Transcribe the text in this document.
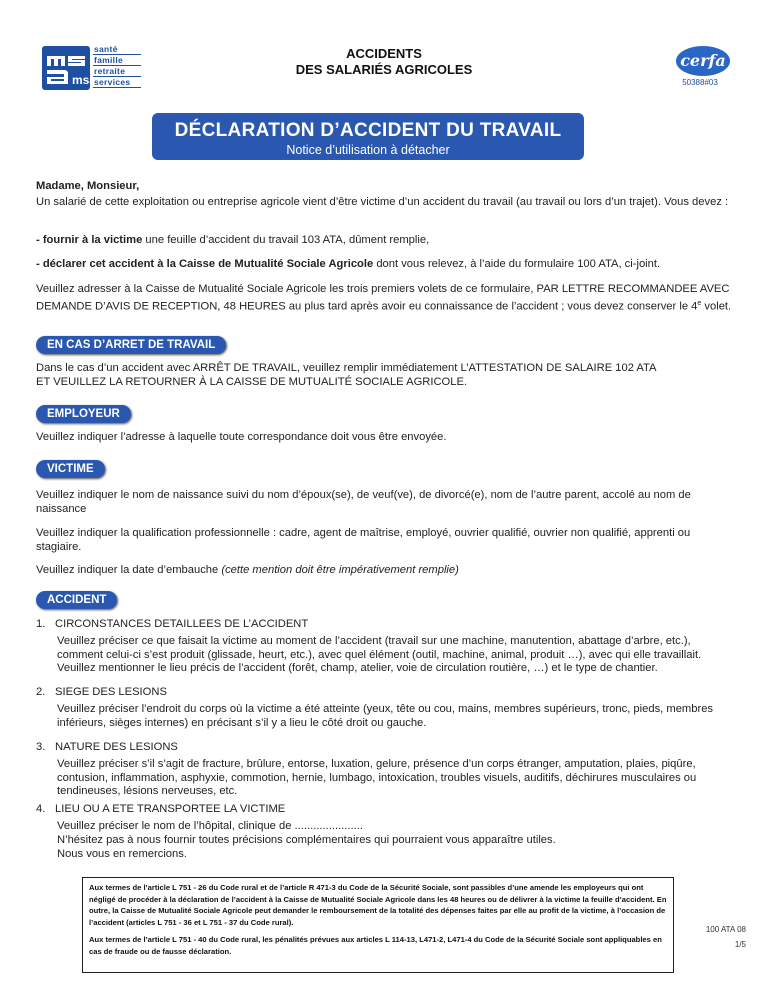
msa
santé
famille
retraite
services
ACCIDENTS
DES SALARIÉS AGRICOLES	cerfa
50388#03
DÉCLARATION D’ACCIDENT DU TRAVAIL
Notice d’utilisation à détacher
Madame, Monsieur,
Un salarié de cette exploitation ou entreprise agricole vient d’être victime d’un accident du travail (au travail ou lors d’un trajet). Vous devez :
- fournir à la victime une feuille d’accident du travail 103 ATA, dûment remplie,
- déclarer cet accident à la Caisse de Mutualité Sociale Agricole dont vous relevez, à l’aide du formulaire 100 ATA, ci-joint.
Veuillez adresser à la Caisse de Mutualité Sociale Agricole les trois premiers volets de ce formulaire, PAR LETTRE RECOMMANDEE AVEC DEMANDE D’AVIS DE RECEPTION, 48 HEURES au plus tard après avoir eu connaissance de l’accident ; vous devez conserver le 4e volet.
EN CAS D’ARRET DE TRAVAIL
Dans le cas d’un accident avec ARRÊT DE TRAVAIL, veuillez remplir immédiatement L’ATTESTATION DE SALAIRE 102 ATA
ET VEUILLEZ LA RETOURNER À LA CAISSE DE MUTUALITÉ SOCIALE AGRICOLE.
EMPLOYEUR
Veuillez indiquer l’adresse à laquelle toute correspondance doit vous être envoyée.
VICTIME
Veuillez indiquer le nom de naissance suivi du nom d’époux(se), de veuf(ve), de divorcé(e), nom de l’autre parent, accolé au nom de naissance
Veuillez indiquer la qualification professionnelle : cadre, agent de maîtrise, employé, ouvrier qualifié, ouvrier non qualifié, apprenti ou stagiaire.
Veuillez indiquer la date d’embauche (cette mention doit être impérativement remplie)
ACCIDENT
1. CIRCONSTANCES DETAILLEES DE L’ACCIDENT
Veuillez préciser ce que faisait la victime au moment de l’accident (travail sur une machine, manutention, abattage d’arbre, etc.), comment celui-ci s’est produit (glissade, heurt, etc.), avec quel élément (outil, machine, animal, produit …), avec qui elle travaillait. Veuillez mentionner le lieu précis de l’accident (forêt, champ, atelier, voie de circulation routière, …) et le type de chantier.
2. SIEGE DES LESIONS
Veuillez préciser l’endroit du corps où la victime a été atteinte (yeux, tête ou cou, mains, membres supérieurs, tronc, pieds, membres inférieurs, sièges internes) en précisant s’il y a lieu le côté droit ou gauche.
3. NATURE DES LESIONS
Veuillez préciser s’il s’agit de fracture, brûlure, entorse, luxation, gelure, présence d’un corps étranger, amputation, plaies, piqûre, contusion, inflammation, asphyxie, commotion, hernie, lumbago, intoxication, troubles visuels, auditifs, déchirures musculaires ou tendineuses, lésions nerveuses, etc.
4. LIEU OU A ETE TRANSPORTEE LA VICTIME
Veuillez préciser le nom de l’hôpital, clinique de ......................
N’hésitez pas à nous fournir toutes précisions complémentaires qui pourraient vous apparaître utiles.
Nous vous en remercions.

Aux termes de l’article L 751 - 26 du Code rural et de l’article R 471-3 du Code de la Sécurité Sociale, sont passibles d’une amende les employeurs qui ont négligé de procéder à la déclaration de l’accident à la Caisse de Mutualité Sociale Agricole dans les 48 heures ou de délivrer à la victime la feuille d’accident. En outre, la Caisse de Mutualité Sociale Agricole peut demander le remboursement de la totalité des dépenses faites par elle au profit de la victime, à l’occasion de l’accident (articles L 751 - 36 et L 751 - 37 du Code rural).

Aux termes de l’article L 751 - 40 du Code rural, les pénalités prévues aux articles L 114-13, L471-2, L471-4 du Code de la Sécurité Sociale sont appliquables en cas de fraude ou de fausse déclaration.

100 ATA 08
1/5
